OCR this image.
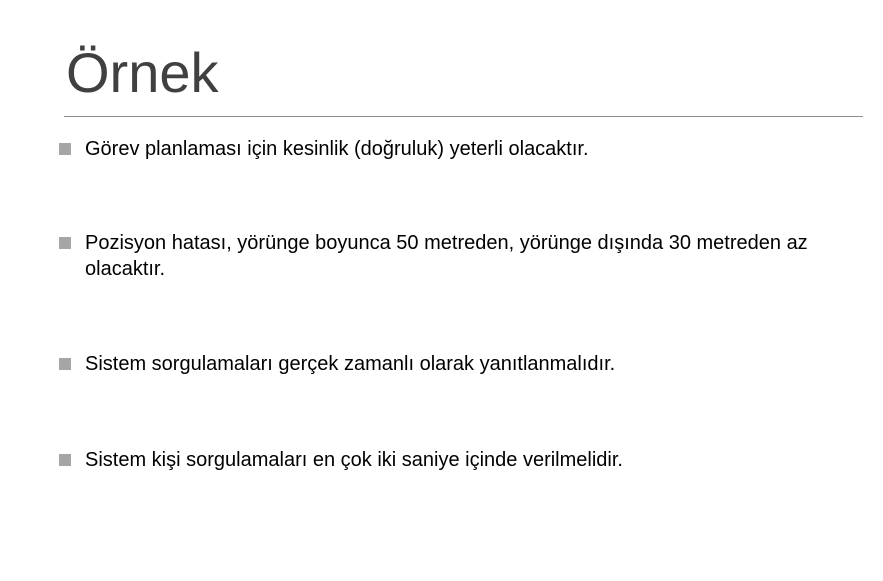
Örnek
Görev planlaması için kesinlik (doğruluk) yeterli olacaktır.
Pozisyon hatası, yörünge boyunca 50 metreden, yörünge dışında 30 metreden az olacaktır.
Sistem sorgulamaları gerçek zamanlı olarak yanıtlanmalıdır.
Sistem kişi sorgulamaları en çok iki saniye içinde verilmelidir.
